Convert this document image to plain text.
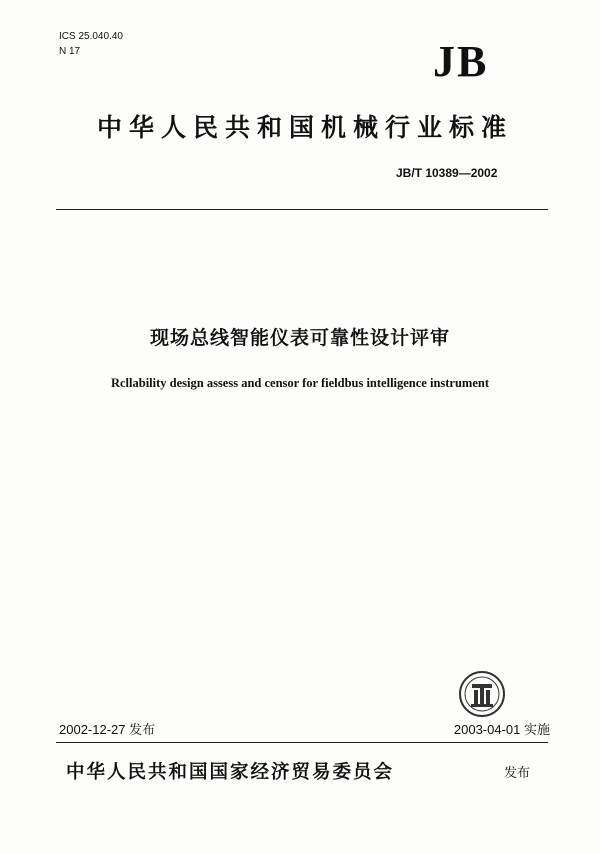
ICS 25.040.40
N 17	JB
中华人民共和国机械行业标准
JB/T 10389—2002
现场总线智能仪表可靠性设计评审
Rcllability design assess and censor for fieldbus intelligence instrument
2002-12-27 发布	2003-04-01 实施
中华人民共和国国家经济贸易委员会	发布
